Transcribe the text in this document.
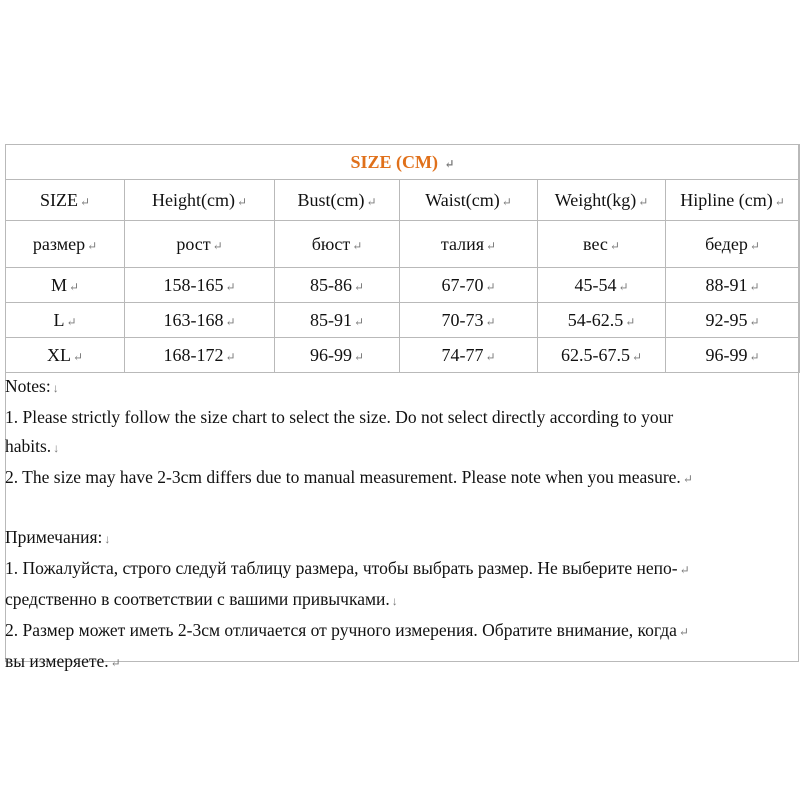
SIZE (CM) ↵					
SIZE ↵	Height(cm) ↵	Bust(cm) ↵	Waist(cm) ↵	Weight(kg) ↵	Hipline (cm) ↵
размер ↵	рост ↵	бюст ↵	талия ↵	вес ↵	бедер ↵
M ↵	158-165 ↵	85-86 ↵	67-70 ↵	45-54 ↵	88-91 ↵
L ↵	163-168 ↵	85-91 ↵	70-73 ↵	54-62.5 ↵	92-95 ↵
XL ↵	168-172 ↵	96-99 ↵	74-77 ↵	62.5-67.5 ↵	96-99 ↵
Notes: ↓
1. Please strictly follow the size chart to select the size. Do not select directly according to your
habits. ↓
2. The size may have 2-3cm differs due to manual measurement. Please note when you measure. ↵
Примечания: ↓
1. Пожалуйста, строго следуй таблицу размера, чтобы выбрать размер. Не выберите непо- ↵
средственно в соответствии с вашими привычками. ↓
2. Размер может иметь 2-3см отличается от ручного измерения. Обратите внимание, когда ↵
вы измеряете. ↵
